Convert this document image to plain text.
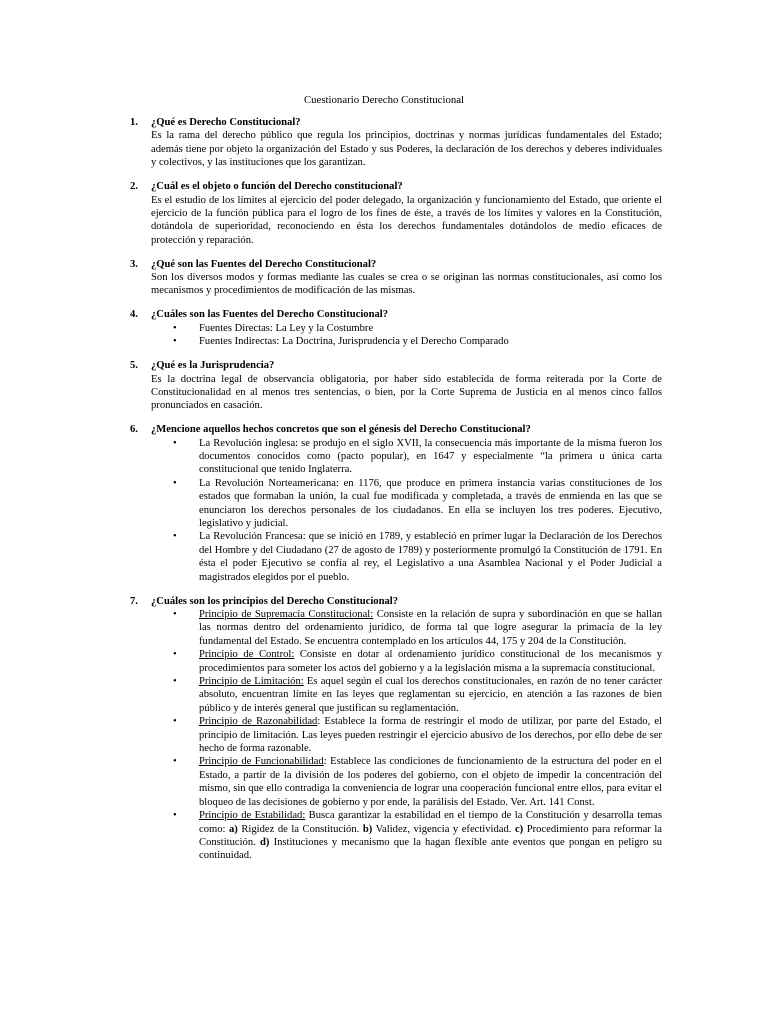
Cuestionario Derecho Constitucional
1. ¿Qué es Derecho Constitucional?
Es la rama del derecho público que regula los principios, doctrinas y normas jurídicas fundamentales del Estado; además tiene por objeto la organización del Estado y sus Poderes, la declaración de los derechos y deberes individuales y colectivos, y las instituciones que los garantizan.
2. ¿Cuál es el objeto o función del Derecho constitucional?
Es el estudio de los límites al ejercicio del poder delegado, la organización y funcionamiento del Estado, que oriente el ejercicio de la función pública para el logro de los fines de éste, a través de los límites y valores en la Constitución, dotándola de superioridad, reconociendo en ésta los derechos fundamentales dotándolos de medio eficaces de protección y reparación.
3. ¿Qué son las Fuentes del Derecho Constitucional?
Son los diversos modos y formas mediante las cuales se crea o se originan las normas constitucionales, así como los mecanismos y procedimientos de modificación de las mismas.
4. ¿Cuáles son las Fuentes del Derecho Constitucional?
• Fuentes Directas: La Ley y la Costumbre
• Fuentes Indirectas: La Doctrina, Jurisprudencia y el Derecho Comparado
5. ¿Qué es la Jurisprudencia?
Es la doctrina legal de observancia obligatoria, por haber sido establecida de forma reiterada por la Corte de Constitucionalidad en al menos tres sentencias, o bien, por la Corte Suprema de Justicia en al menos cinco fallos pronunciados en casación.
6. ¿Mencione aquellos hechos concretos que son el génesis del Derecho Constitucional?
• La Revolución inglesa: se produjo en el siglo XVII, la consecuencia más importante de la misma fueron los documentos conocidos como (pacto popular), en 1647 y especialmente “la primera u única carta constitucional que tenido Inglaterra.
• La Revolución Norteamericana: en 1176, que produce en primera instancia varias constituciones de los estados que formaban la unión, la cual fue modificada y completada, a través de enmienda en las que se enunciaron los derechos personales de los ciudadanos. En ella se incluyen los tres poderes. Ejecutivo, legislativo y judicial.
• La Revolución Francesa: que se inició en 1789, y estableció en primer lugar la Declaración de los Derechos del Hombre y del Ciudadano (27 de agosto de 1789) y posteriormente promulgó la Constitución de 1791. En ésta el poder Ejecutivo se confía al rey, el Legislativo a una Asamblea Nacional y el Poder Judicial a magistrados elegidos por el pueblo.
7. ¿Cuáles son los principios del Derecho Constitucional?
• Principio de Supremacía Constitucional: Consiste en la relación de supra y subordinación en que se hallan las normas dentro del ordenamiento jurídico, de forma tal que logre asegurar la primacía de la ley fundamental del Estado. Se encuentra contemplado en los artículos 44, 175 y 204 de la Constitución.
• Principio de Control: Consiste en dotar al ordenamiento jurídico constitucional de los mecanismos y procedimientos para someter los actos del gobierno y a la legislación misma a la supremacía constitucional.
• Principio de Limitación: Es aquel según el cual los derechos constitucionales, en razón de no tener carácter absoluto, encuentran límite en las leyes que reglamentan su ejercicio, en atención a las razones de bien público y de interés general que justifican su reglamentación.
• Principio de Razonabilidad: Establece la forma de restringir el modo de utilizar, por parte del Estado, el principio de limitación. Las leyes pueden restringir el ejercicio abusivo de los derechos, por ello debe de ser hecho de forma razonable.
• Principio de Funcionabilidad: Establece las condiciones de funcionamiento de la estructura del poder en el Estado, a partir de la división de los poderes del gobierno, con el objeto de impedir la concentración del mismo, sin que ello contradiga la conveniencia de lograr una cooperación funcional entre ellos, para evitar el bloqueo de las decisiones de gobierno y por ende, la parálisis del Estado. Ver. Art. 141 Const.
• Principio de Estabilidad: Busca garantizar la estabilidad en el tiempo de la Constitución y desarrolla temas como: a) Rigidez de la Constitución. b) Validez, vigencia y efectividad. c) Procedimiento para reformar la Constitución. d) Instituciones y mecanismo que la hagan flexible ante eventos que pongan en peligro su continuidad.
